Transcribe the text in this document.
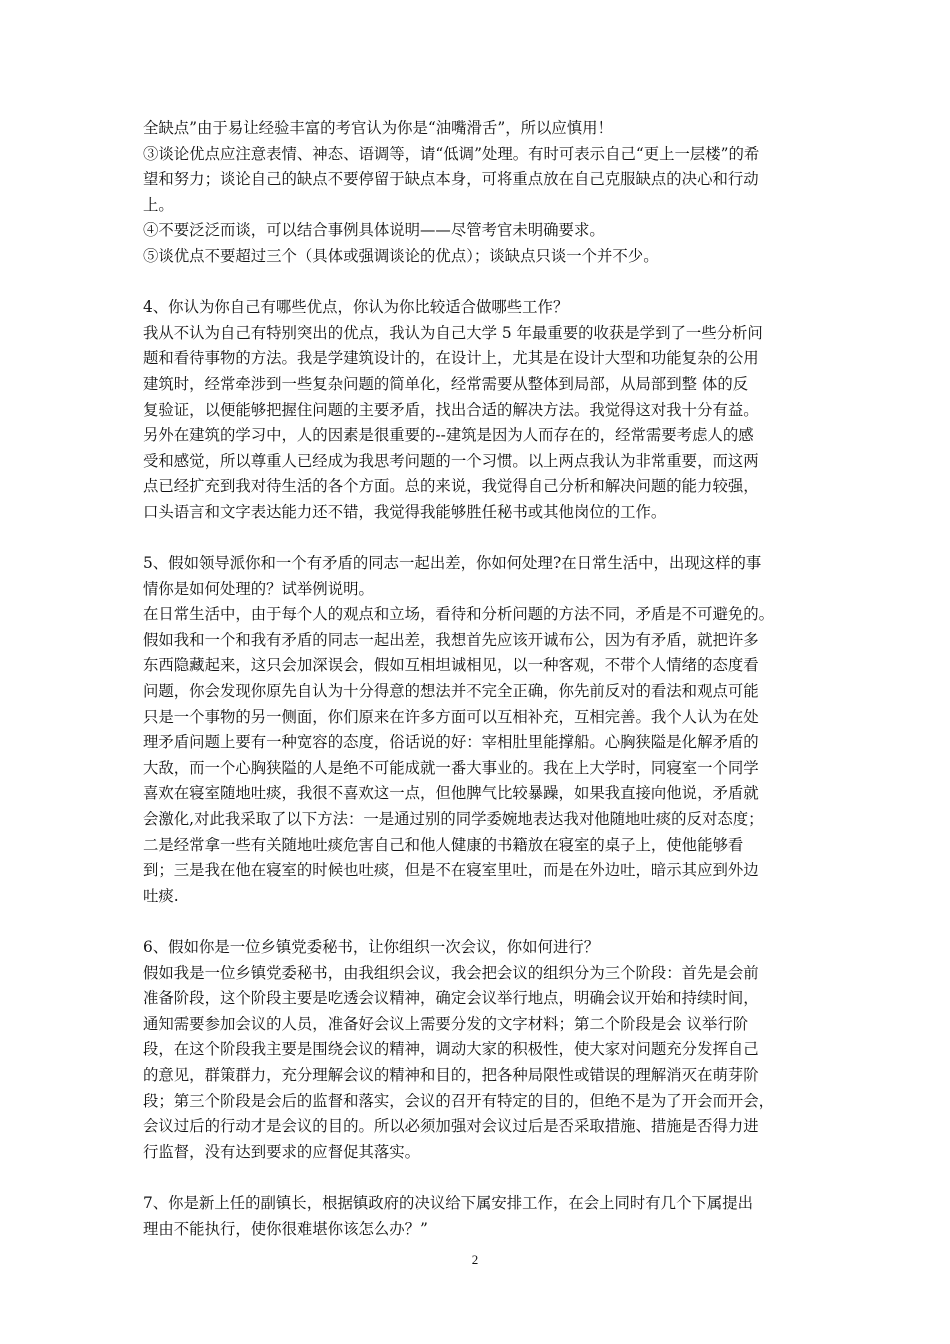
全缺点”由于易让经验丰富的考官认为你是“油嘴滑舌”，所以应慎用！
③谈论优点应注意表情、神态、语调等，请“低调”处理。有时可表示自己“更上一层楼”的希
望和努力；谈论自己的缺点不要停留于缺点本身，可将重点放在自己克服缺点的决心和行动
上。
④不要泛泛而谈，可以结合事例具体说明——尽管考官未明确要求。
⑤谈优点不要超过三个（具体或强调谈论的优点）；谈缺点只谈一个并不少。
4、你认为你自己有哪些优点，你认为你比较适合做哪些工作？
我从不认为自己有特别突出的优点，我认为自己大学 5 年最重要的收获是学到了一些分析问
题和看待事物的方法。我是学建筑设计的，在设计上，尤其是在设计大型和功能复杂的公用
建筑时，经常牵涉到一些复杂问题的简单化，经常需要从整体到局部，从局部到整 体的反
复验证，以便能够把握住问题的主要矛盾，找出合适的解决方法。我觉得这对我十分有益。
另外在建筑的学习中，人的因素是很重要的--建筑是因为人而存在的，经常需要考虑人的感
受和感觉，所以尊重人已经成为我思考问题的一个习惯。以上两点我认为非常重要，而这两
点已经扩充到我对待生活的各个方面。总的来说，我觉得自己分析和解决问题的能力较强，
口头语言和文字表达能力还不错，我觉得我能够胜任秘书或其他岗位的工作。
5、假如领导派你和一个有矛盾的同志一起出差，你如何处理?在日常生活中，出现这样的事
情你是如何处理的？试举例说明。
在日常生活中，由于每个人的观点和立场，看待和分析问题的方法不同，矛盾是不可避免的。
假如我和一个和我有矛盾的同志一起出差，我想首先应该开诚布公，因为有矛盾，就把许多
东西隐藏起来，这只会加深误会，假如互相坦诚相见，以一种客观，不带个人情绪的态度看
问题，你会发现你原先自认为十分得意的想法并不完全正确，你先前反对的看法和观点可能
只是一个事物的另一侧面，你们原来在许多方面可以互相补充，互相完善。我个人认为在处
理矛盾问题上要有一种宽容的态度，俗话说的好：宰相肚里能撑船。心胸狭隘是化解矛盾的
大敌，而一个心胸狭隘的人是绝不可能成就一番大事业的。我在上大学时，同寝室一个同学
喜欢在寝室随地吐痰，我很不喜欢这一点，但他脾气比较暴躁，如果我直接向他说，矛盾就
会激化,对此我采取了以下方法：一是通过别的同学委婉地表达我对他随地吐痰的反对态度；
二是经常拿一些有关随地吐痰危害自己和他人健康的书籍放在寝室的桌子上，使他能够看
到；三是我在他在寝室的时候也吐痰，但是不在寝室里吐，而是在外边吐，暗示其应到外边
吐痰.
6、假如你是一位乡镇党委秘书，让你组织一次会议，你如何进行？
假如我是一位乡镇党委秘书，由我组织会议，我会把会议的组织分为三个阶段：首先是会前
准备阶段，这个阶段主要是吃透会议精神，确定会议举行地点，明确会议开始和持续时间，
通知需要参加会议的人员，准备好会议上需要分发的文字材料；第二个阶段是会 议举行阶
段，在这个阶段我主要是围绕会议的精神，调动大家的积极性，使大家对问题充分发挥自己
的意见，群策群力，充分理解会议的精神和目的，把各种局限性或错误的理解消灭在萌芽阶
段；第三个阶段是会后的监督和落实，会议的召开有特定的目的，但绝不是为了开会而开会，
会议过后的行动才是会议的目的。所以必须加强对会议过后是否采取措施、措施是否得力进
行监督，没有达到要求的应督促其落实。
7、你是新上任的副镇长，根据镇政府的决议给下属安排工作，在会上同时有几个下属提出
理由不能执行，使你很难堪你该怎么办？”
2
